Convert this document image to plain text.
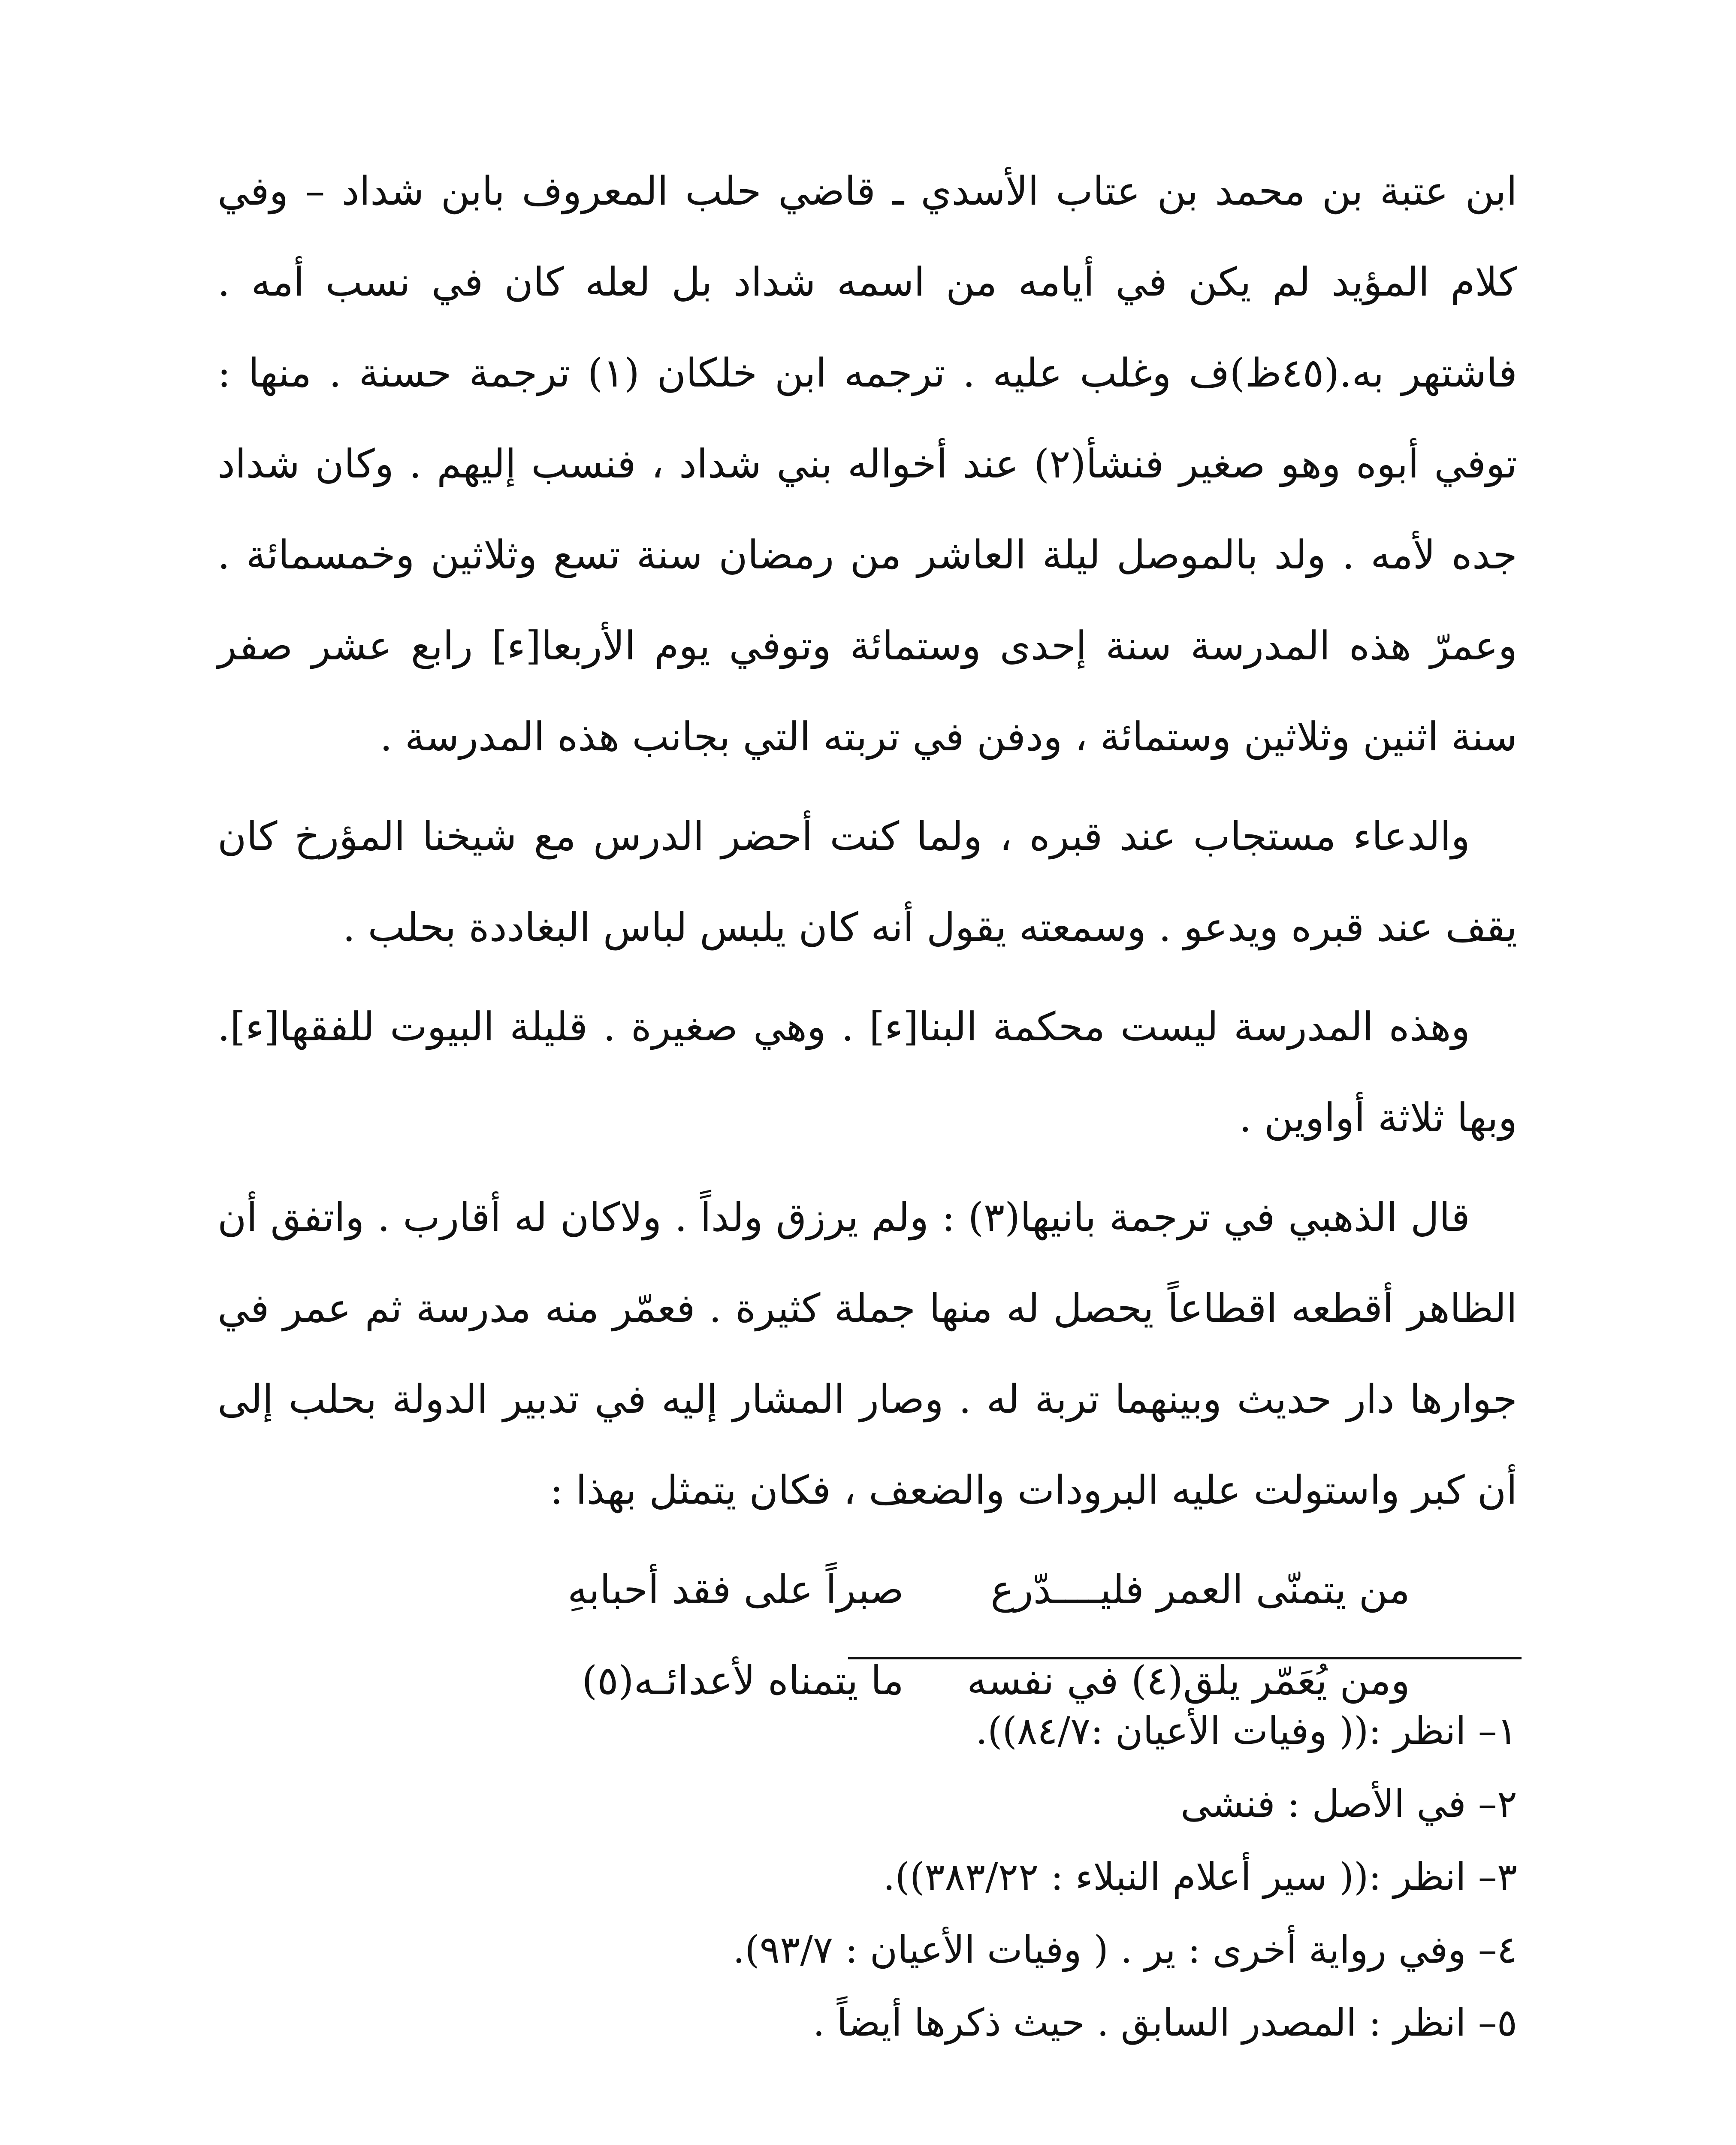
ابن عتبة بن محمد بن عتاب الأسدي ـ قاضي حلب المعروف بابن شداد – وفي كلام المؤيد لم يكن في أيامه من اسمه شداد بل لعله كان في نسب أمه . فاشتهر به.(٤٥ظ)ف وغلب عليه . ترجمه ابن خلكان (١) ترجمة حسنة . منها : توفي أبوه وهو صغير فنشأ(٢) عند أخواله بني شداد ، فنسب إليهم . وكان شداد جده لأمه . ولد بالموصل ليلة العاشر من رمضان سنة تسع وثلاثين وخمسمائة . وعمرّ هذه المدرسة سنة إحدى وستمائة وتوفي يوم الأربعا[ء] رابع عشر صفر سنة اثنين وثلاثين وستمائة ، ودفن في تربته التي بجانب هذه المدرسة .

والدعاء مستجاب عند قبره ، ولما كنت أحضر الدرس مع شيخنا المؤرخ كان يقف عند قبره ويدعو . وسمعته يقول أنه كان يلبس لباس البغاددة بحلب .

وهذه المدرسة ليست محكمة البنا[ء] . وهي صغيرة . قليلة البيوت للفقها[ء]. وبها ثلاثة أواوين .

قال الذهبي في ترجمة بانيها(٣) : ولم يرزق ولداً . ولاكان له أقارب . واتفق أن الظاهر أقطعه اقطاعاً يحصل له منها جملة كثيرة . فعمّر منه مدرسة ثم عمر في جوارها دار حديث وبينهما تربة له . وصار المشار إليه في تدبير الدولة بحلب إلى أن كبر واستولت عليه البرودات والضعف ، فكان يتمثل بهذا :

من يتمنّى العمر فليــــدّرعصبراً على فقد أحبابهِ
ومن يُعَمّر يلق(٤) في نفسهما يتمناه لأعدائـه(٥)
١– انظر :(( وفيات الأعيان :٨٤/٧)).
٢– في الأصل : فنشى
٣– انظر :(( سير أعلام النبلاء : ٣٨٣/٢٢)).
٤– وفي رواية أخرى : ير . ( وفيات الأعيان : ٩٣/٧).
٥– انظر : المصدر السابق . حيث ذكرها أيضاً .
